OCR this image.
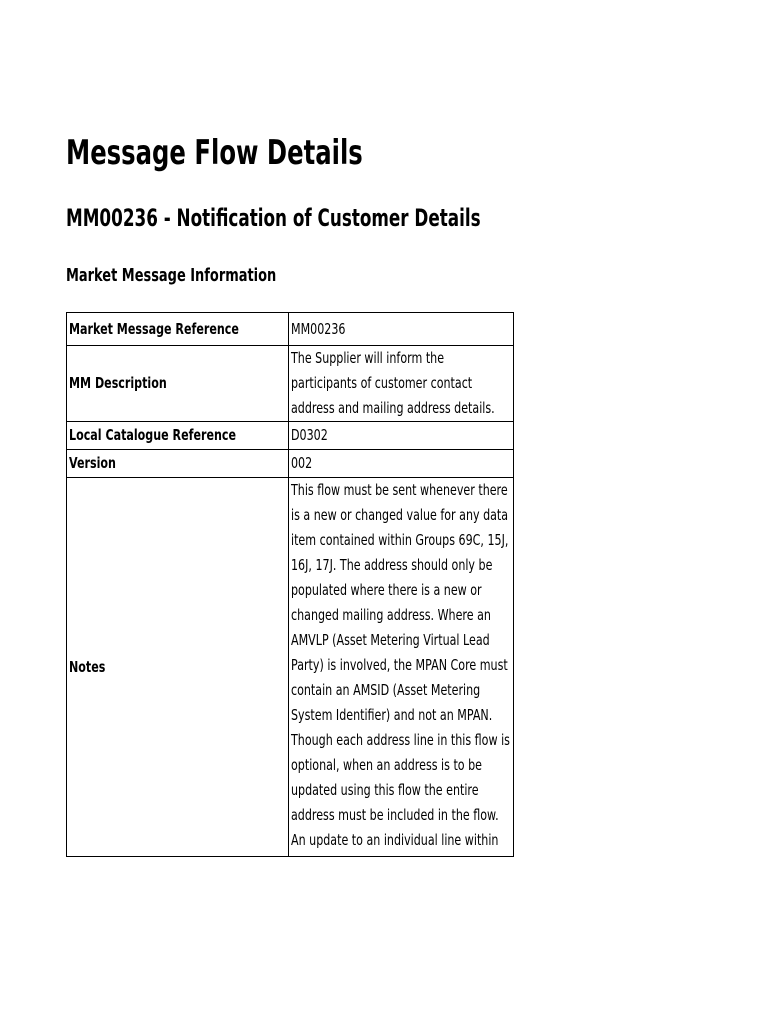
Message Flow Details
MM00236 - Notification of Customer Details
Market Message Information
Market Message Reference	MM00236
MM Description	The Supplier will inform the participants of customer contact address and mailing address details.

Local Catalogue Reference	D0302
Version	002
Notes	This flow must be sent whenever there is a new or changed value for any data item contained within Groups 69C, 15J, 16J, 17J. The address should only be populated where there is a new or changed mailing address. Where an AMVLP (Asset Metering Virtual Lead Party) is involved, the MPAN Core must contain an AMSID (Asset Metering System Identifier) and not an MPAN. Though each address line in this flow is optional, when an address is to be updated using this flow the entire address must be included in the flow. An update to an individual line within
